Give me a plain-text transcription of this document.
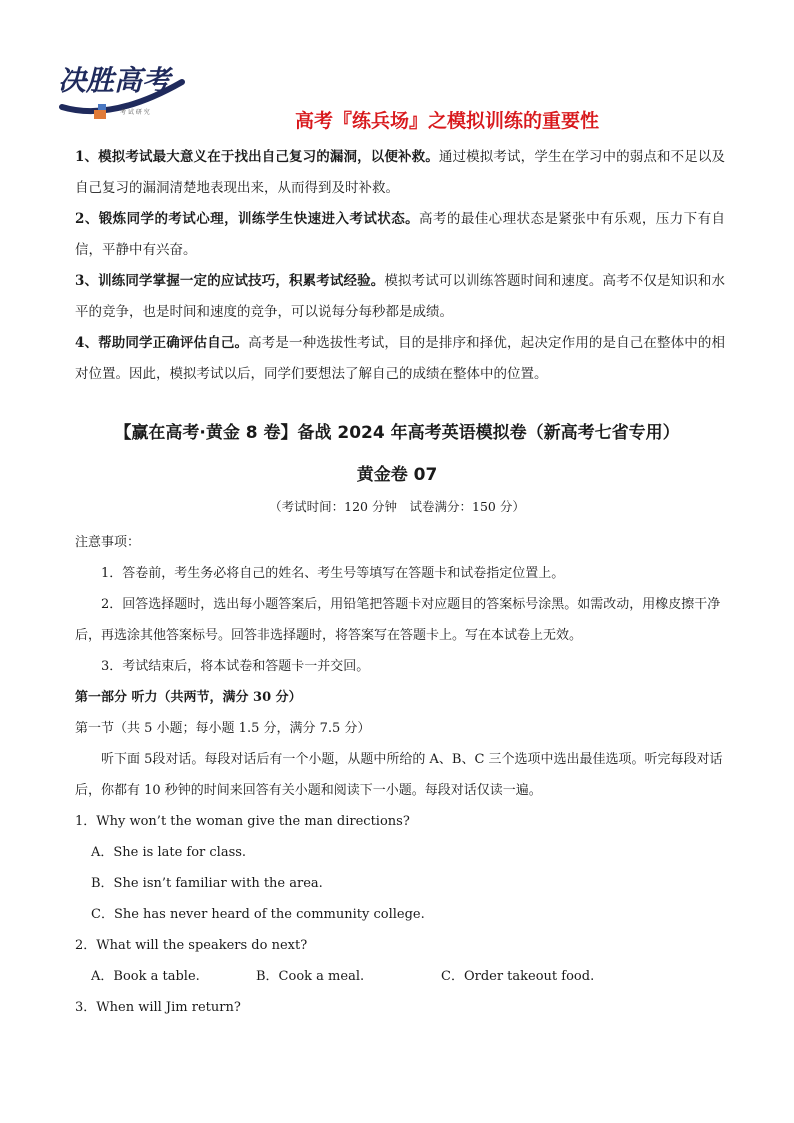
决胜高考
考 试 研 究	高考『练兵场』之模拟训练的重要性

1、模拟考试最大意义在于找出自己复习的漏洞，以便补救。通过模拟考试，学生在学习中的弱点和不足以及自己复习的漏洞清楚地表现出来，从而得到及时补救。

2、锻炼同学的考试心理，训练学生快速进入考试状态。高考的最佳心理状态是紧张中有乐观，压力下有自信，平静中有兴奋。

3、训练同学掌握一定的应试技巧，积累考试经验。模拟考试可以训练答题时间和速度。高考不仅是知识和水平的竞争，也是时间和速度的竞争，可以说每分每秒都是成绩。

4、帮助同学正确评估自己。高考是一种选拔性考试，目的是排序和择优，起决定作用的是自己在整体中的相对位置。因此，模拟考试以后，同学们要想法了解自己的成绩在整体中的位置。

【赢在高考·黄金 8 卷】备战 2024 年高考英语模拟卷（新高考七省专用）
黄金卷 07
（考试时间：120 分钟　试卷满分：150 分）

注意事项：

1．答卷前，考生务必将自己的姓名、考生号等填写在答题卡和试卷指定位置上。

2．回答选择题时，选出每小题答案后，用铅笔把答题卡对应题目的答案标号涂黑。如需改动，用橡皮擦干净后，再选涂其他答案标号。回答非选择题时，将答案写在答题卡上。写在本试卷上无效。

3．考试结束后，将本试卷和答题卡一并交回。

第一部分 听力（共两节，满分 30 分）

第一节（共 5 小题；每小题 1.5 分，满分 7.5 分）

听下面 5段对话。每段对话后有一个小题，从题中所给的 A、B、C 三个选项中选出最佳选项。听完每段对话后，你都有 10 秒钟的时间来回答有关小题和阅读下一小题。每段对话仅读一遍。

1．Why won’t the woman give the man directions?

A．She is late for class.

B．She isn’t familiar with the area.

C．She has never heard of the community college.

2．What will the speakers do next?

A．Book a table.	B．Cook a meal.	C．Order takeout food.

3．When will Jim return?
